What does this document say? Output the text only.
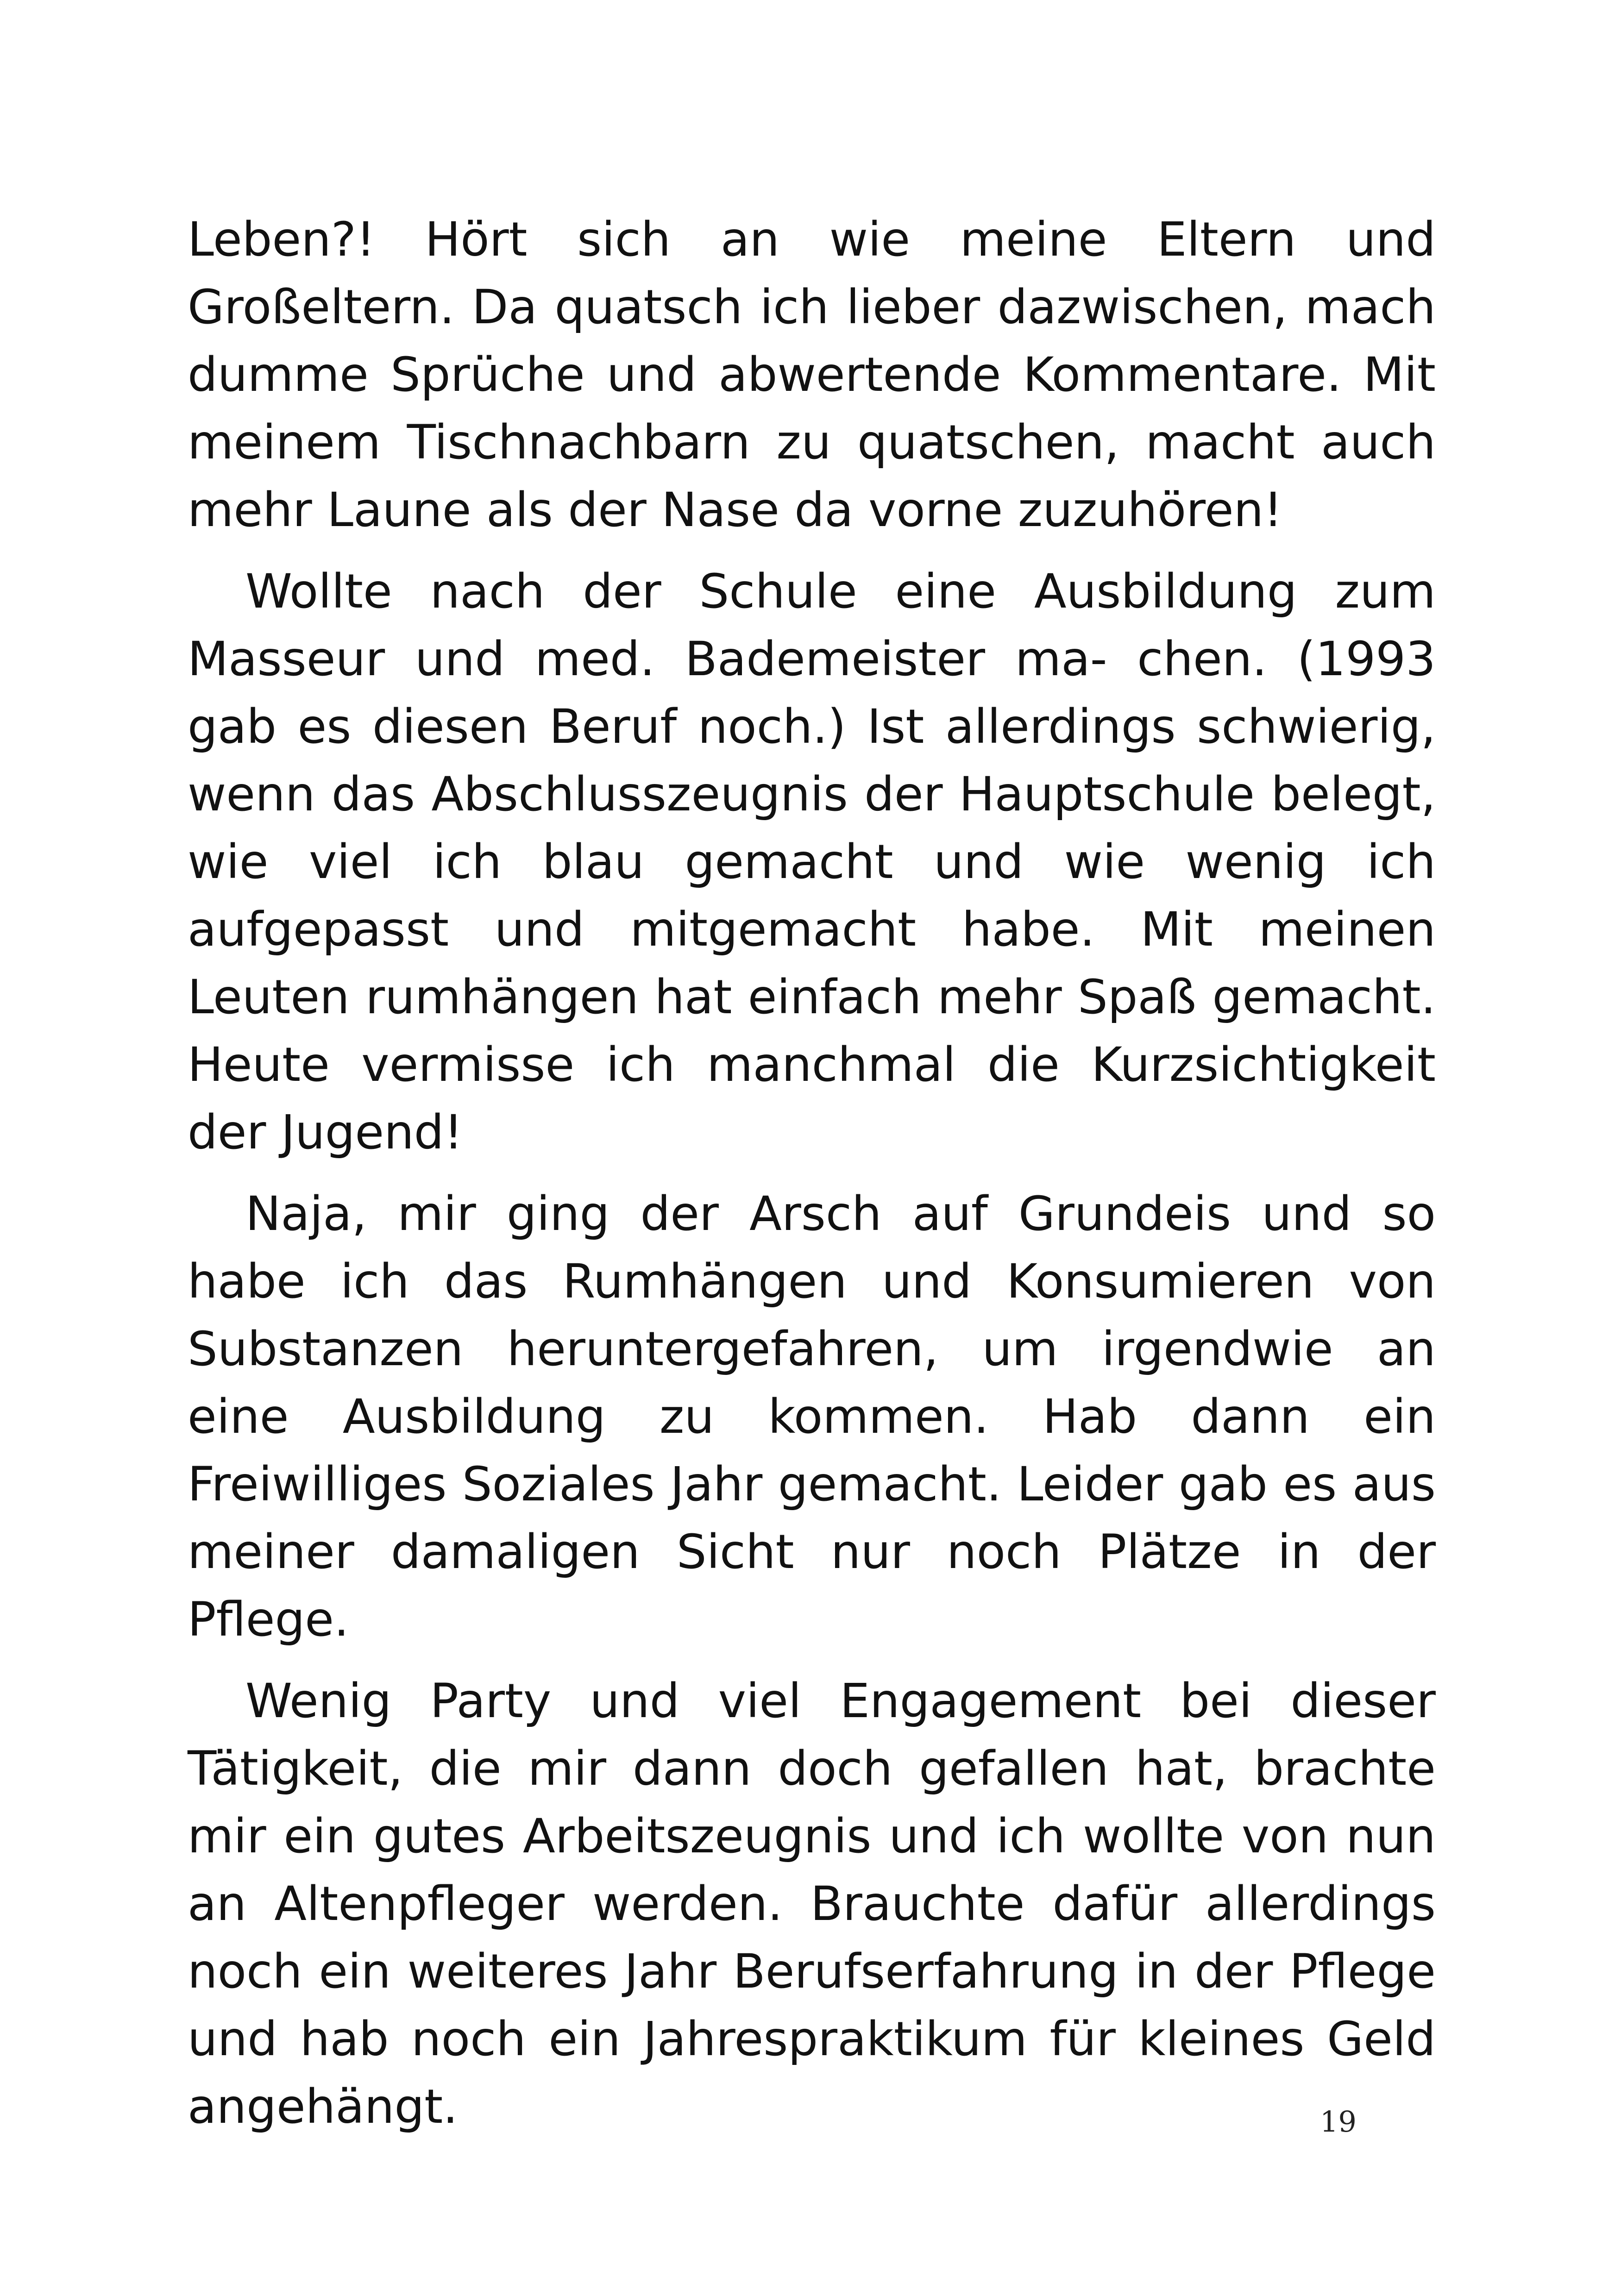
Leben?! Hört sich an wie meine Eltern und Großeltern. Da quatsch ich lieber dazwischen, mach dumme Sprüche und abwertende Kommentare. Mit meinem Tischnachbarn zu quatschen, macht auch mehr Laune als der Nase da vorne zuzuhören!

Wollte nach der Schule eine Ausbildung zum Masseur und med. Bademeister ma- chen. (1993 gab es diesen Beruf noch.) Ist allerdings schwierig, wenn das Abschlusszeugnis der Hauptschule belegt, wie viel ich blau gemacht und wie wenig ich aufgepasst und mitgemacht habe. Mit meinen Leuten rumhängen hat einfach mehr Spaß gemacht. Heute vermisse ich manchmal die Kurzsichtigkeit der Jugend!

Naja, mir ging der Arsch auf Grundeis und so habe ich das Rumhängen und Konsumieren von Substanzen heruntergefahren, um irgendwie an eine Ausbildung zu kommen. Hab dann ein Freiwilliges Soziales Jahr gemacht. Leider gab es aus meiner damaligen Sicht nur noch Plätze in der Pflege.

Wenig Party und viel Engagement bei dieser Tätigkeit, die mir dann doch gefallen hat, brachte mir ein gutes Arbeitszeugnis und ich wollte von nun an Altenpfleger werden. Brauchte dafür allerdings noch ein weiteres Jahr Berufserfahrung in der Pflege und hab noch ein Jahrespraktikum für kleines Geld angehängt.	19
